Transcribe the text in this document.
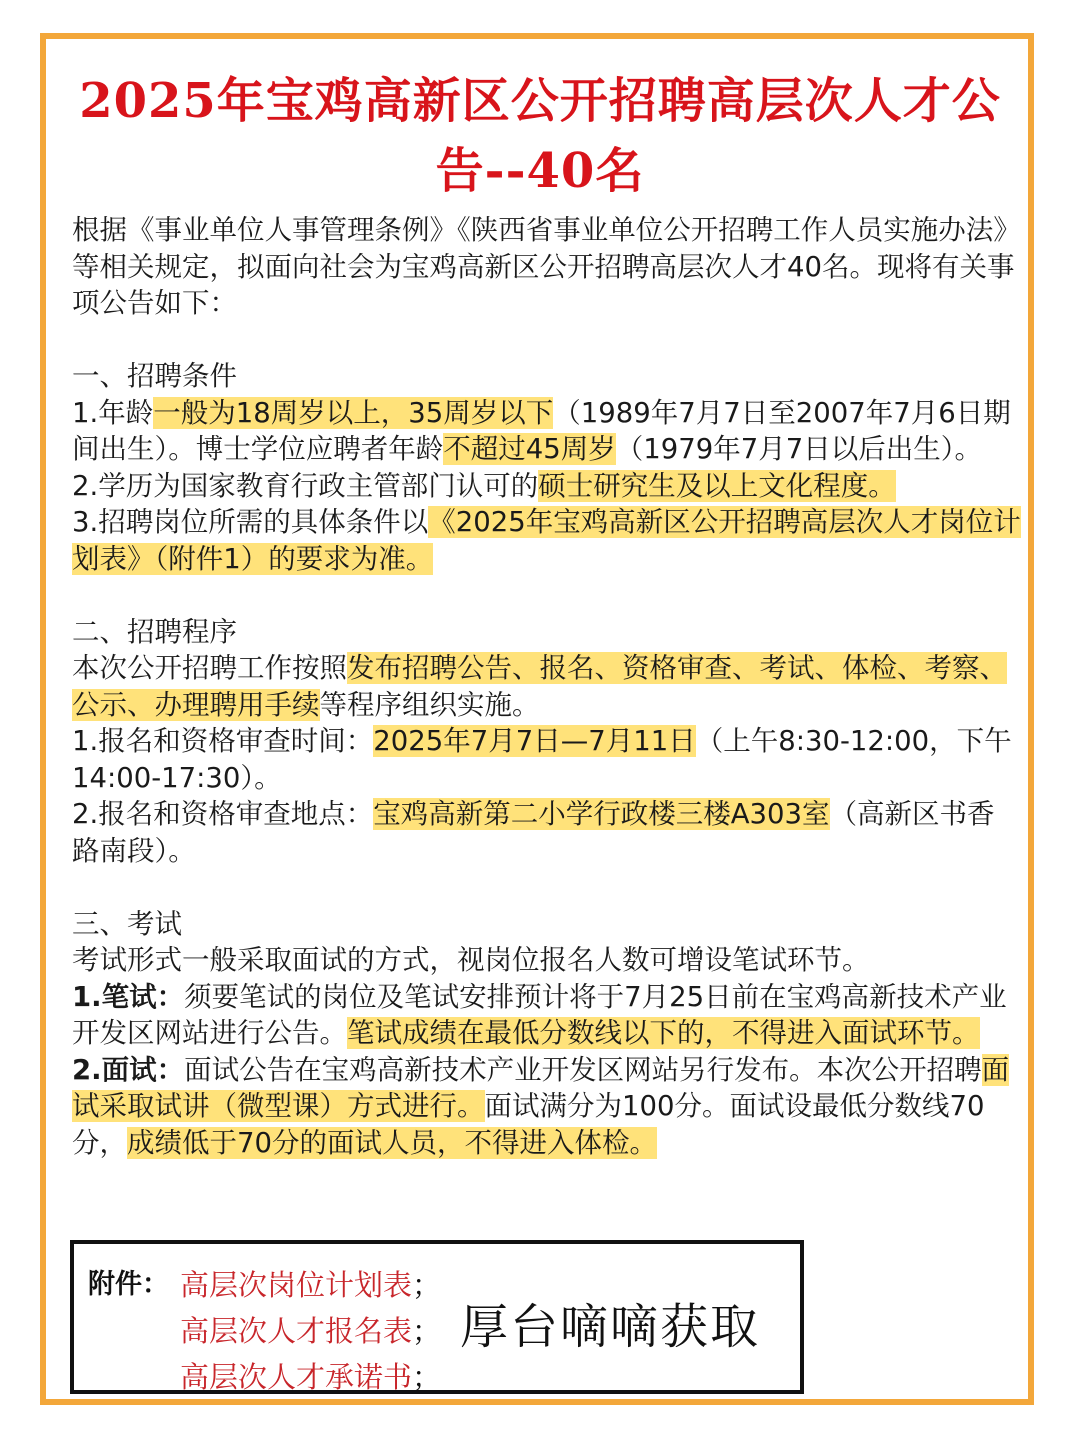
2025年宝鸡高新区公开招聘高层次人才公告--40名

根据《事业单位人事管理条例》《陕西省事业单位公开招聘工作人员实施办法》等相关规定，拟面向社会为宝鸡高新区公开招聘高层次人才40名。现将有关事项公告如下：

一、招聘条件

1.年龄一般为18周岁以上，35周岁以下（1989年7月7日至2007年7月6日期间出生）。博士学位应聘者年龄不超过45周岁（1979年7月7日以后出生）。

2.学历为国家教育行政主管部门认可的硕士研究生及以上文化程度。

3.招聘岗位所需的具体条件以《2025年宝鸡高新区公开招聘高层次人才岗位计划表》（附件1）的要求为准。

二、招聘程序

本次公开招聘工作按照发布招聘公告、报名、资格审查、考试、体检、考察、公示、办理聘用手续等程序组织实施。

1.报名和资格审查时间：2025年7月7日—7月11日（上午8:30-12:00，下午14:00-17:30）。

2.报名和资格审查地点：宝鸡高新第二小学行政楼三楼A303室（高新区书香路南段）。

三、考试

考试形式一般采取面试的方式，视岗位报名人数可增设笔试环节。

1.笔试：须要笔试的岗位及笔试安排预计将于7月25日前在宝鸡高新技术产业开发区网站进行公告。笔试成绩在最低分数线以下的，不得进入面试环节。

2.面试：面试公告在宝鸡高新技术产业开发区网站另行发布。本次公开招聘面试采取试讲（微型课）方式进行。面试满分为100分。面试设最低分数线70分，成绩低于70分的面试人员，不得进入体检。

附件： 高层次岗位计划表；
高层次人才报名表；
高层次人才承诺书；
厚台嘀嘀获取
